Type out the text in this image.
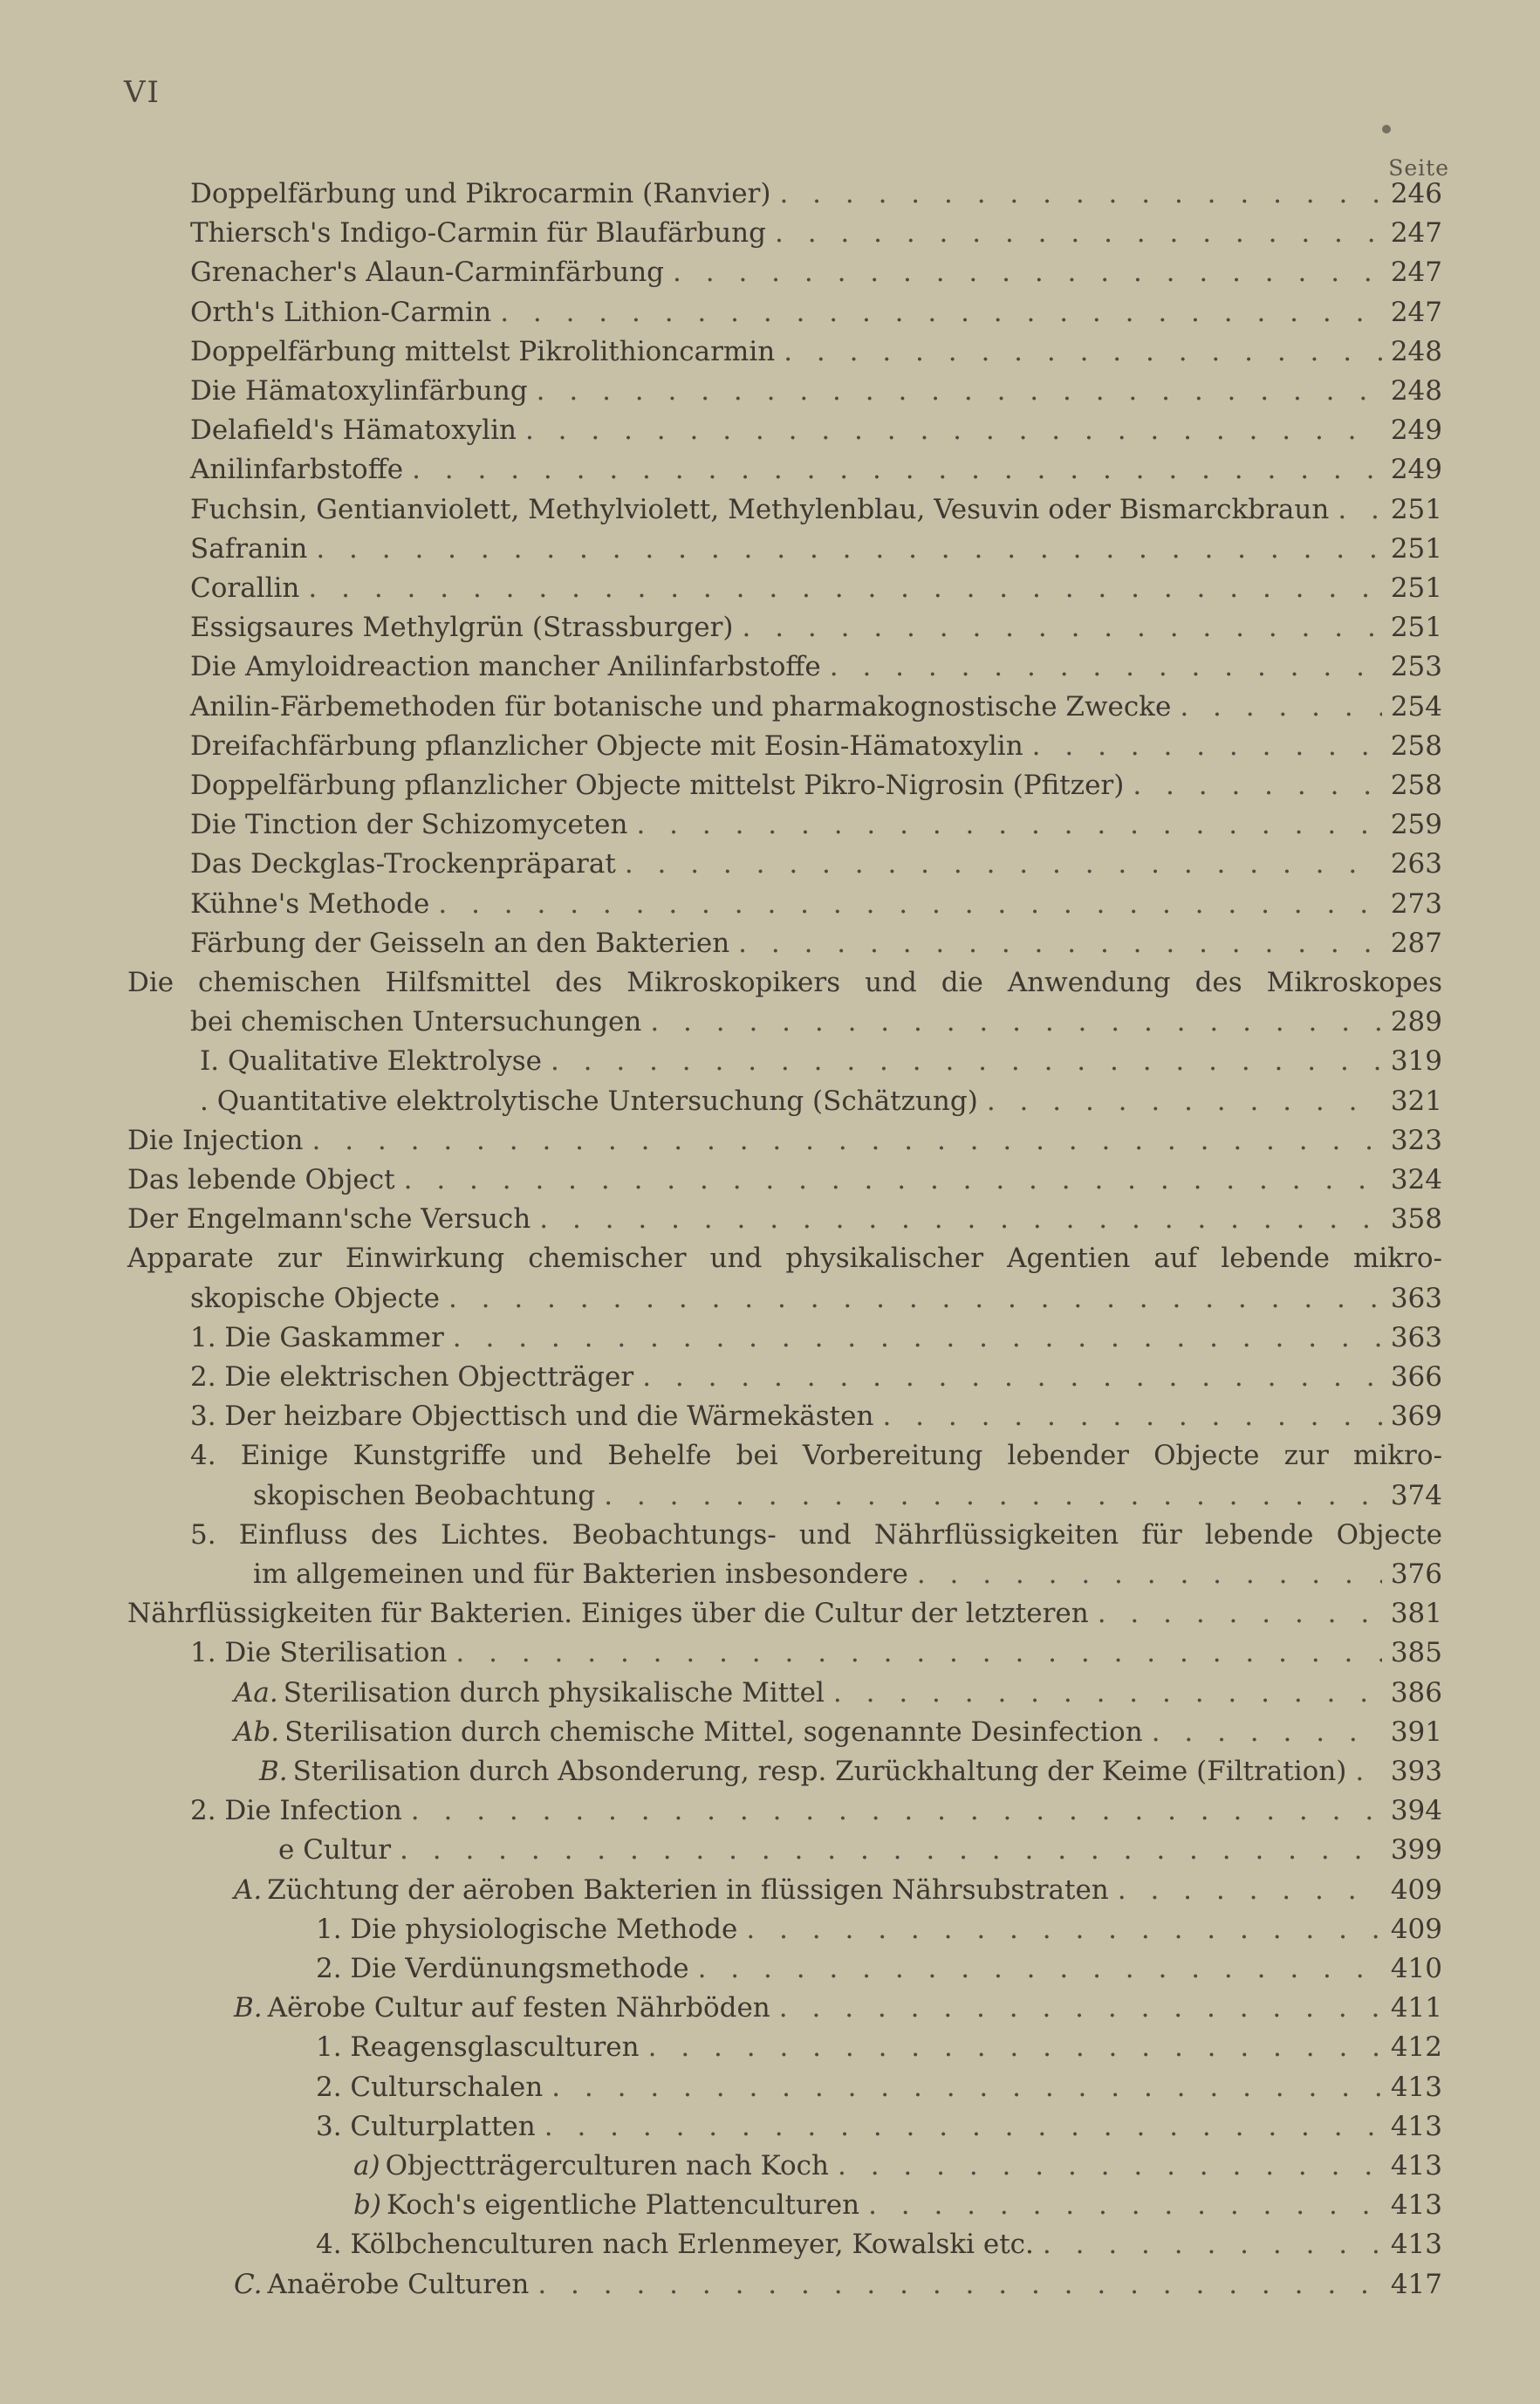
VI
Seite
Doppelfärbung und Pikrocarmin (Ranvier) . . .	246
Thiersch's Indigo-Carmin für Blaufärbung . . .	247
Grenacher's Alaun-Carminfärbung . . .	247
Orth's Lithion-Carmin . . .	247
Doppelfärbung mittelst Pikrolithioncarmin . . .	248
Die Hämatoxylinfärbung . . .	248
Delafield's Hämatoxylin . . .	249
Anilinfarbstoffe . . .	249
Fuchsin, Gentianviolett, Methylviolett, Methylenblau, Vesuvin oder Bismarckbraun . . . 251
Safranin . . .	251
Corallin . . .	251
Essigsaures Methylgrün (Strassburger) . . .	251
Die Amyloidreaction mancher Anilinfarbstoffe . . .	253
Anilin-Färbemethoden für botanische und pharmakognostische Zwecke . . .	254
Dreifachfärbung pflanzlicher Objecte mit Eosin-Hämatoxylin . . .	258
Doppelfärbung pflanzlicher Objecte mittelst Pikro-Nigrosin (Pfitzer) . . .	258
Die Tinction der Schizomyceten . . .	259
Das Deckglas-Trockenpräparat . . .	263
Kühne's Methode . . .	273
Färbung der Geisseln an den Bakterien . . .	287
Die chemischen Hilfsmittel des Mikroskopikers und die Anwendung des Mikroskopes
bei chemischen Untersuchungen . . .	289
I. Qualitative Elektrolyse . . .	319
. Quantitative elektrolytische Untersuchung (Schätzung) . . .	321
Die Injection . . .	323
Das lebende Object . . .	324
Der Engelmann'sche Versuch . . .	358
Apparate zur Einwirkung chemischer und physikalischer Agentien auf lebende mikro-
skopische Objecte . . .	363
1. Die Gaskammer . . .	363
2. Die elektrischen Objectträger . . .	366
3. Der heizbare Objecttisch und die Wärmekästen . . .	369
4. Einige Kunstgriffe und Behelfe bei Vorbereitung lebender Objecte zur mikro-
skopischen Beobachtung . . .	374
5. Einfluss des Lichtes. Beobachtungs- und Nährflüssigkeiten für lebende Objecte
im allgemeinen und für Bakterien insbesondere . . .	376
Nährflüssigkeiten für Bakterien. Einiges über die Cultur der letzteren . . .	381
1. Die Sterilisation . . .	385
Aa. Sterilisation durch physikalische Mittel . . .	386
Ab. Sterilisation durch chemische Mittel, sogenannte Desinfection . . .	391
B. Sterilisation durch Absonderung, resp. Zurückhaltung der Keime (Filtration) . . . 393
2. Die Infection . . .	394
e Cultur . . .	399
A. Züchtung der aëroben Bakterien in flüssigen Nährsubstraten . . .	409
1. Die physiologische Methode . . .	409
2. Die Verdünungsmethode . . .	410
B. Aërobe Cultur auf festen Nährböden . . .	411
1. Reagensglasculturen . . .	412
2. Culturschalen . . .	413
3. Culturplatten . . .	413
a) Objectträgerculturen nach Koch . . .	413
b) Koch's eigentliche Plattenculturen . . .	413
4. Kölbchenculturen nach Erlenmeyer, Kowalski etc. . . .	413
C. Anaërobe Culturen . . .	417
